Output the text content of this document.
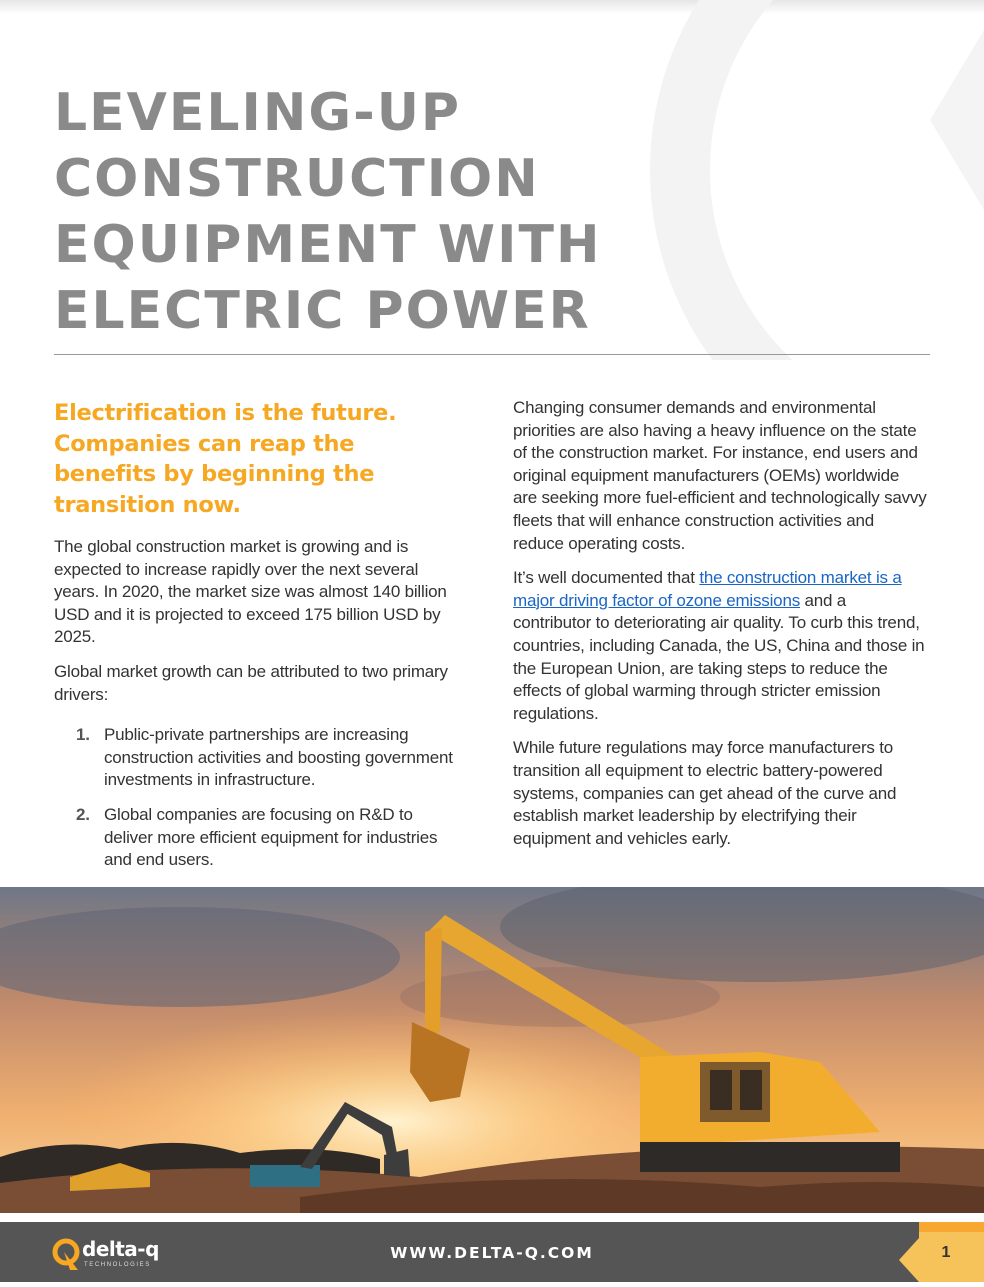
LEVELING-UP
CONSTRUCTION
EQUIPMENT WITH
ELECTRIC POWER
Electrification is the future. Companies can reap the benefits by beginning the transition now.

The global construction market is growing and is expected to increase rapidly over the next several years. In 2020, the market size was almost 140 billion USD and it is projected to exceed 175 billion USD by 2025.

Global market growth can be attributed to two primary drivers:

1. Public-private partnerships are increasing construction activities and boosting government investments in infrastructure.
2. Global companies are focusing on R&D to deliver more efficient equipment for industries and end users.

Changing consumer demands and environmental priorities are also having a heavy influence on the state of the construction market. For instance, end users and original equipment manufacturers (OEMs) worldwide are seeking more fuel-efficient and technologically savvy fleets that will enhance construction activities and reduce operating costs.

It’s well documented that the construction market is a major driving factor of ozone emissions and a contributor to deteriorating air quality. To curb this trend, countries, including Canada, the US, China and those in the European Union, are taking steps to reduce the effects of global warming through stricter emission regulations.

While future regulations may force manufacturers to transition all equipment to electric battery-powered systems, companies can get ahead of the curve and establish market leadership by electrifying their equipment and vehicles early.

delta-q
TECHNOLOGIES
WWW.DELTA-Q.COM	1
